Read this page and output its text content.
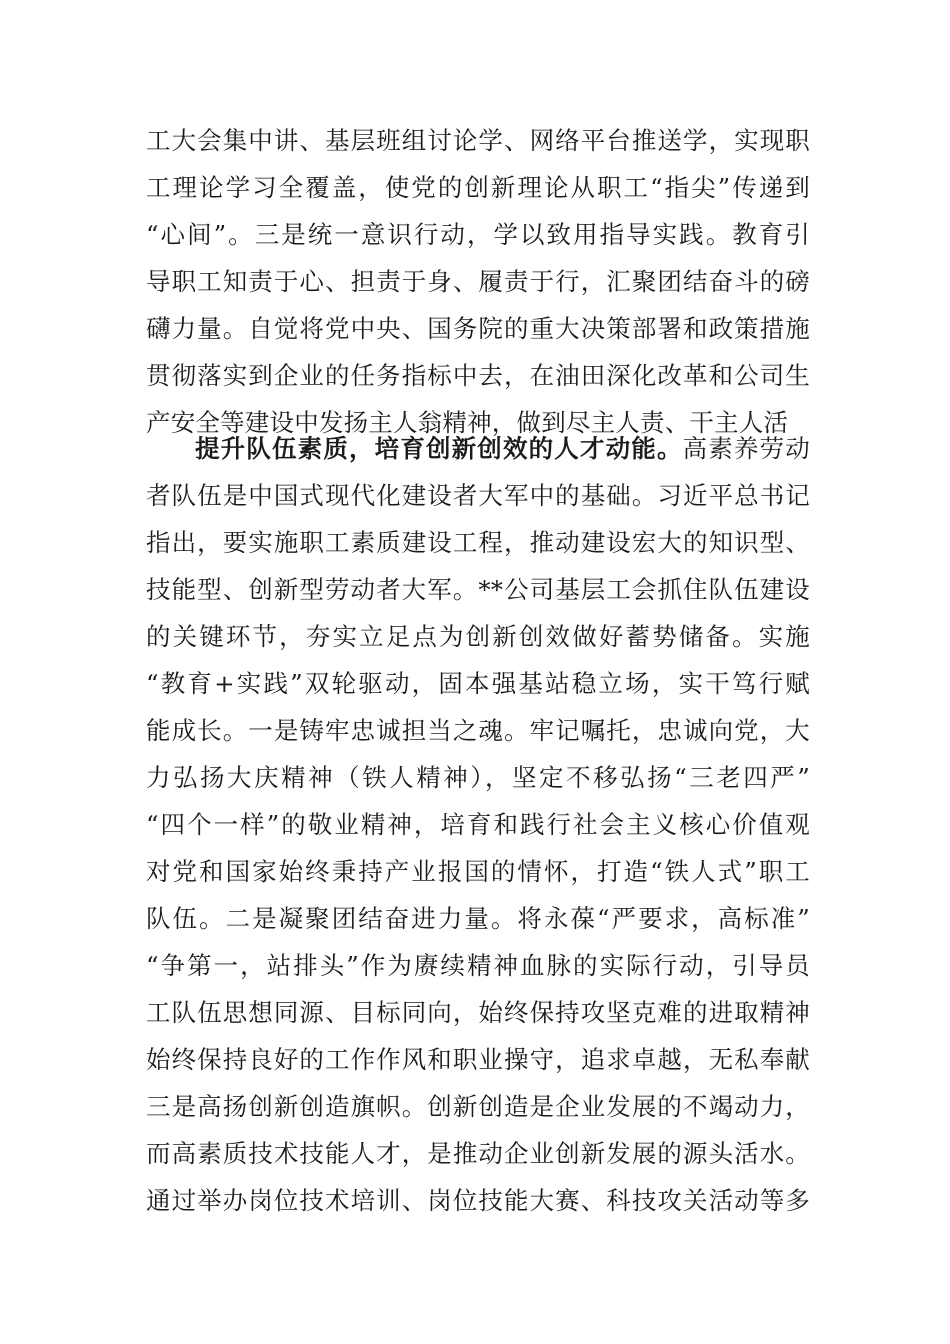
工大会集中讲、基层班组讨论学、网络平台推送学，实现职
工理论学习全覆盖，使党的创新理论从职工“指尖”传递到
“心间”。三是统一意识行动，学以致用指导实践。教育引
导职工知责于心、担责于身、履责于行，汇聚团结奋斗的磅
礴力量。自觉将党中央、国务院的重大决策部署和政策措施
贯彻落实到企业的任务指标中去，在油田深化改革和公司生
产安全等建设中发扬主人翁精神，做到尽主人责、干主人活
提升队伍素质，培育创新创效的人才动能。高素养劳动
者队伍是中国式现代化建设者大军中的基础。习近平总书记
指出，要实施职工素质建设工程，推动建设宏大的知识型、
技能型、创新型劳动者大军。**公司基层工会抓住队伍建设
的关键环节，夯实立足点为创新创效做好蓄势储备。实施
“教育+实践”双轮驱动，固本强基站稳立场，实干笃行赋
能成长。一是铸牢忠诚担当之魂。牢记嘱托，忠诚向党，大
力弘扬大庆精神（铁人精神），坚定不移弘扬“三老四严”
“四个一样”的敬业精神，培育和践行社会主义核心价值观
对党和国家始终秉持产业报国的情怀，打造“铁人式”职工
队伍。二是凝聚团结奋进力量。将永葆“严要求，高标准”
“争第一，站排头”作为赓续精神血脉的实际行动，引导员
工队伍思想同源、目标同向，始终保持攻坚克难的进取精神
始终保持良好的工作作风和职业操守，追求卓越，无私奉献
三是高扬创新创造旗帜。创新创造是企业发展的不竭动力，
而高素质技术技能人才，是推动企业创新发展的源头活水。
通过举办岗位技术培训、岗位技能大赛、科技攻关活动等多
